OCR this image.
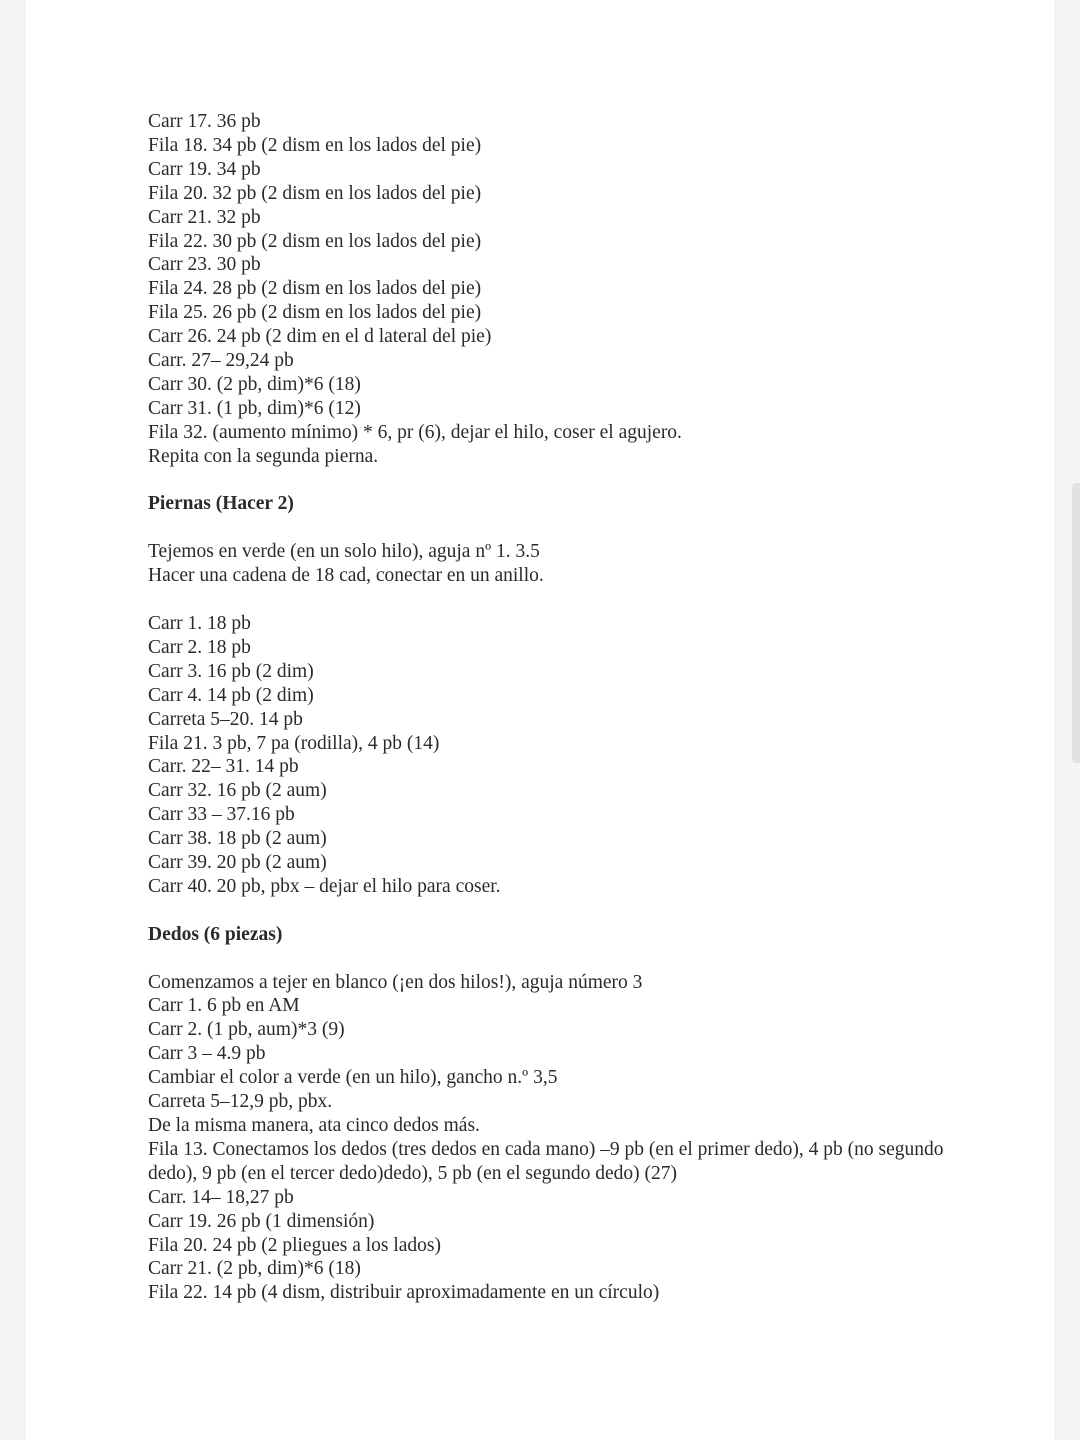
Carr 17. 36 pb
Fila 18. 34 pb (2 dism en los lados del pie)
Carr 19. 34 pb
Fila 20. 32 pb (2 dism en los lados del pie)
Carr 21. 32 pb
Fila 22. 30 pb (2 dism en los lados del pie)
Carr 23. 30 pb
Fila 24. 28 pb (2 dism en los lados del pie)
Fila 25. 26 pb (2 dism en los lados del pie)
Carr 26. 24 pb (2 dim en el d lateral del pie)
Carr. 27– 29,24 pb
Carr 30. (2 pb, dim)*6 (18)
Carr 31. (1 pb, dim)*6 (12)
Fila 32. (aumento mínimo) * 6, pr (6), dejar el hilo, coser el agujero.
Repita con la segunda pierna.
Piernas (Hacer 2)
Tejemos en verde (en un solo hilo), aguja nº 1. 3.5
Hacer una cadena de 18 cad, conectar en un anillo.
Carr 1. 18 pb
Carr 2. 18 pb
Carr 3. 16 pb (2 dim)
Carr 4. 14 pb (2 dim)
Carreta 5–20. 14 pb
Fila 21. 3 pb, 7 pa (rodilla), 4 pb (14)
Carr. 22– 31. 14 pb
Carr 32. 16 pb (2 aum)
Carr 33 – 37.16 pb
Carr 38. 18 pb (2 aum)
Carr 39. 20 pb (2 aum)
Carr 40. 20 pb, pbx – dejar el hilo para coser.
Dedos (6 piezas)
Comenzamos a tejer en blanco (¡en dos hilos!), aguja número 3
Carr 1. 6 pb en AM
Carr 2. (1 pb, aum)*3 (9)
Carr 3 – 4.9 pb
Cambiar el color a verde (en un hilo), gancho n.º 3,5
Carreta 5–12,9 pb, pbx.
De la misma manera, ata cinco dedos más.
Fila 13. Conectamos los dedos (tres dedos en cada mano) –9 pb (en el primer dedo), 4 pb (no segundo dedo), 9 pb (en el tercer dedo)dedo), 5 pb (en el segundo dedo) (27)
Carr. 14– 18,27 pb
Carr 19. 26 pb (1 dimensión)
Fila 20. 24 pb (2 pliegues a los lados)
Carr 21. (2 pb, dim)*6 (18)
Fila 22. 14 pb (4 dism, distribuir aproximadamente en un círculo)
